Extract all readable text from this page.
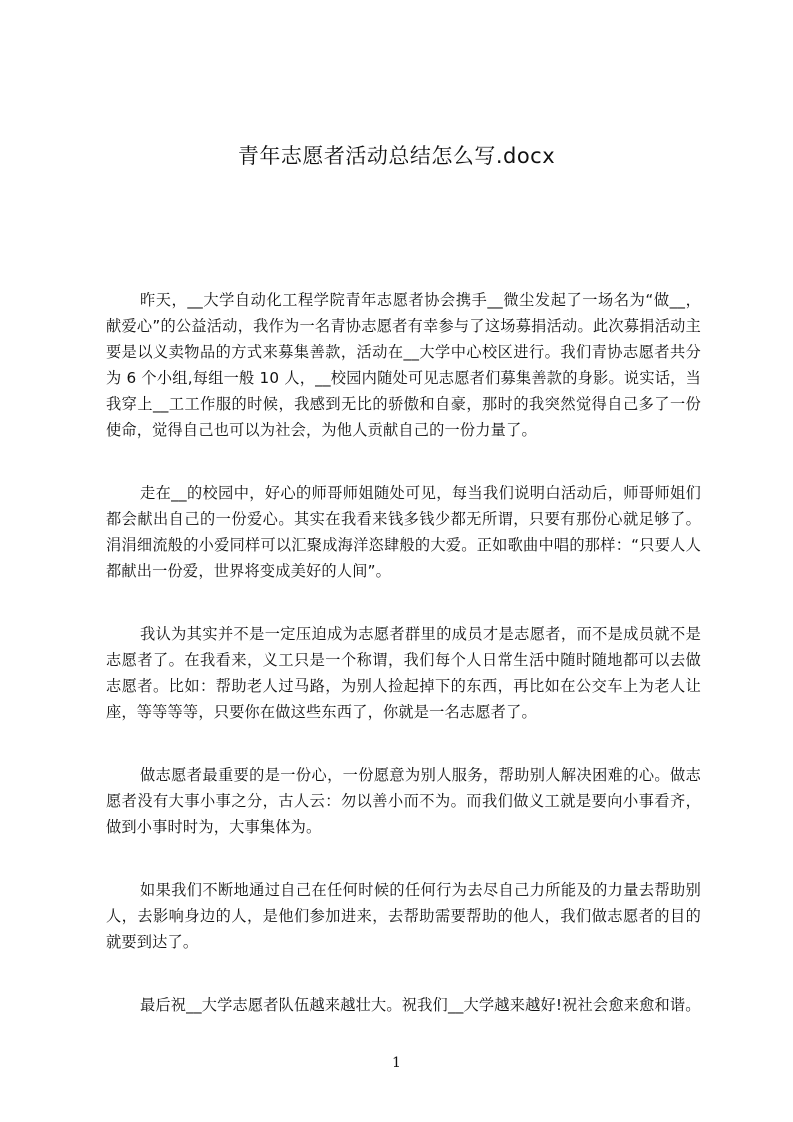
青年志愿者活动总结怎么写.docx

昨天，__大学自动化工程学院青年志愿者协会携手__微尘发起了一场名为“做__，献爱心”的公益活动，我作为一名青协志愿者有幸参与了这场募捐活动。此次募捐活动主要是以义卖物品的方式来募集善款，活动在__大学中心校区进行。我们青协志愿者共分为 6 个小组,每组一般 10 人，__校园内随处可见志愿者们募集善款的身影。说实话，当我穿上__工工作服的时候，我感到无比的骄傲和自豪，那时的我突然觉得自己多了一份使命，觉得自己也可以为社会，为他人贡献自己的一份力量了。

走在__的校园中，好心的师哥师姐随处可见，每当我们说明白活动后，师哥师姐们都会献出自己的一份爱心。其实在我看来钱多钱少都无所谓，只要有那份心就足够了。涓涓细流般的小爱同样可以汇聚成海洋恣肆般的大爱。正如歌曲中唱的那样：“只要人人都献出一份爱，世界将变成美好的人间”。

我认为其实并不是一定压迫成为志愿者群里的成员才是志愿者，而不是成员就不是志愿者了。在我看来，义工只是一个称谓，我们每个人日常生活中随时随地都可以去做志愿者。比如：帮助老人过马路，为别人捡起掉下的东西，再比如在公交车上为老人让座，等等等等，只要你在做这些东西了，你就是一名志愿者了。

做志愿者最重要的是一份心，一份愿意为别人服务，帮助别人解决困难的心。做志愿者没有大事小事之分，古人云：勿以善小而不为。而我们做义工就是要向小事看齐，做到小事时时为，大事集体为。

如果我们不断地通过自己在任何时候的任何行为去尽自己力所能及的力量去帮助别人，去影响身边的人，是他们参加进来，去帮助需要帮助的他人，我们做志愿者的目的就要到达了。

最后祝__大学志愿者队伍越来越壮大。祝我们__大学越来越好!祝社会愈来愈和谐。

1
